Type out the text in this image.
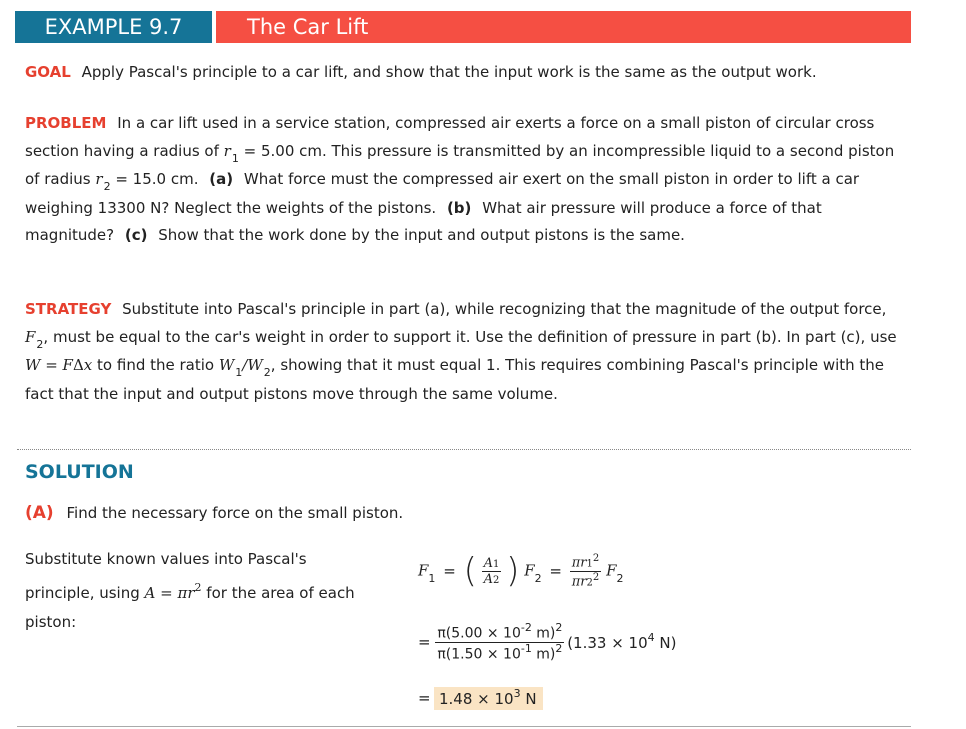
EXAMPLE 9.7	The Car Lift
GOAL Apply Pascal's principle to a car lift, and show that the input work is the same as the output work.
PROBLEM In a car lift used in a service station, compressed air exerts a force on a small piston of circular cross section having a radius of $r_1 = 5.00$ cm. This pressure is transmitted by an incompressible liquid to a second piston of radius $r_2 = 15.0$ cm. (a) What force must the compressed air exert on the small piston in order to lift a car weighing 13300 N? Neglect the weights of the pistons. (b) What air pressure will produce a force of that magnitude? (c) Show that the work done by the input and output pistons is the same.
STRATEGY Substitute into Pascal's principle in part (a), while recognizing that the magnitude of the output force, $F_2$, must be equal to the car's weight in order to support it. Use the definition of pressure in part (b). In part (c), use W = FΔx to find the ratio $W_1/W_2$, showing that it must equal 1. This requires combining Pascal's principle with the fact that the input and output pistons move through the same volume.
SOLUTION
(A) Find the necessary force on the small piston.
Substitute known values into Pascal's principle, using $A = \pi r^2$ for the area of each piston:
$F_1$ = ( $\frac{A1}{A2}$ ) $F_2 = \frac{\pi r1^2}{\pi r2^2} F_2$
= $\frac{\pi(5.00 \times 10^{-2} m)^2}{\pi(1.50 \times 10^{-1} m)^2} (1.33 \times 10^4$ N)
= $1.48 \times 10^3$ N
